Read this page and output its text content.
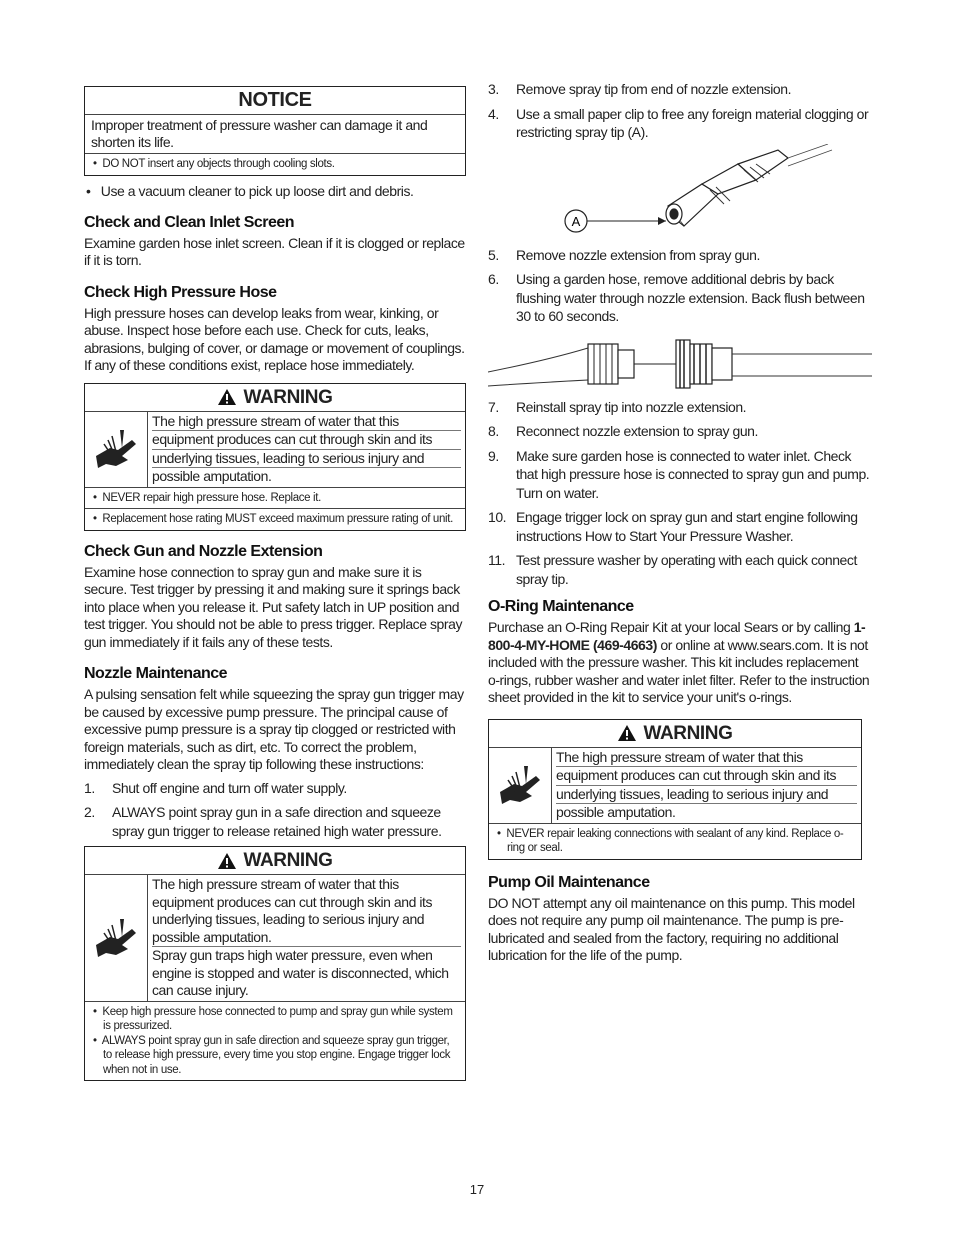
NOTICE
Improper treatment of pressure washer can damage it and shorten its life.
•  DO NOT insert any objects through cooling slots.

•   Use a vacuum cleaner to pick up loose dirt and debris.

Check and Clean Inlet Screen

Examine garden hose inlet screen. Clean if it is clogged or replace if it is torn.

Check High Pressure Hose

High pressure hoses can develop leaks from wear, kinking, or abuse. Inspect hose before each use. Check for cuts, leaks, abrasions, bulging of cover, or damage or movement of couplings. If any of these conditions exist, replace hose immediately.

WARNING
The high pressure stream of water that this
equipment produces can cut through skin and its
underlying tissues, leading to serious injury and
possible amputation.
•  NEVER repair high pressure hose. Replace it.
•  Replacement hose rating MUST exceed maximum pressure rating of unit.
Check Gun and Nozzle Extension

Examine hose connection to spray gun and make sure it is secure. Test trigger by pressing it and making sure it springs back into place when you release it. Put safety latch in UP position and test trigger. You should not be able to press trigger. Replace spray gun immediately if it fails any of these tests.

Nozzle Maintenance

A pulsing sensation felt while squeezing the spray gun trigger may be caused by excessive pump pressure. The principal cause of excessive pump pressure is a spray tip clogged or restricted with foreign materials, such as dirt, etc. To correct the problem, immediately clean the spray tip following these instructions:

1.	Shut off engine and turn off water supply.
2.	ALWAYS point spray gun in a safe direction and squeeze spray gun trigger to release retained high water pressure.
WARNING
The high pressure stream of water that this equipment produces can cut through skin and its underlying tissues, leading to serious injury and possible amputation.
Spray gun traps high water pressure, even when engine is stopped and water is disconnected, which can cause injury.
•  Keep high pressure hose connected to pump and spray gun while system is pressurized.
•  ALWAYS point spray gun in safe direction and squeeze spray gun trigger, to release high pressure, every time you stop engine. Engage trigger lock when not in use.
3.	Remove spray tip from end of nozzle extension.
4.	Use a small paper clip to free any foreign material clogging or restricting spray tip (A).
A
5.	Remove nozzle extension from spray gun.
6.	Using a garden hose, remove additional debris by back flushing water through nozzle extension. Back flush between 30 to 60 seconds.
7.	Reinstall spray tip into nozzle extension.
8.	Reconnect nozzle extension to spray gun.
9.	Make sure garden hose is connected to water inlet. Check that high pressure hose is connected to spray gun and pump. Turn on water.
10. Engage trigger lock on spray gun and start engine following instructions How to Start Your Pressure Washer.
11. Test pressure washer by operating with each quick connect spray tip.
O-Ring Maintenance

Purchase an O-Ring Repair Kit at your local Sears or by calling 1-800-4-MY-HOME (469-4663) or online at www.sears.com. It is not included with the pressure washer. This kit includes replacement o-rings, rubber washer and water inlet filter. Refer to the instruction sheet provided in the kit to service your unit's o-rings.

WARNING
The high pressure stream of water that this
equipment produces can cut through skin and its
underlying tissues, leading to serious injury and
possible amputation.
•  NEVER repair leaking connections with sealant of any kind. Replace o-ring or seal.
Pump Oil Maintenance

DO NOT attempt any oil maintenance on this pump. This model does not require any pump oil maintenance. The pump is pre-lubricated and sealed from the factory, requiring no additional lubrication for the life of the pump.

17
